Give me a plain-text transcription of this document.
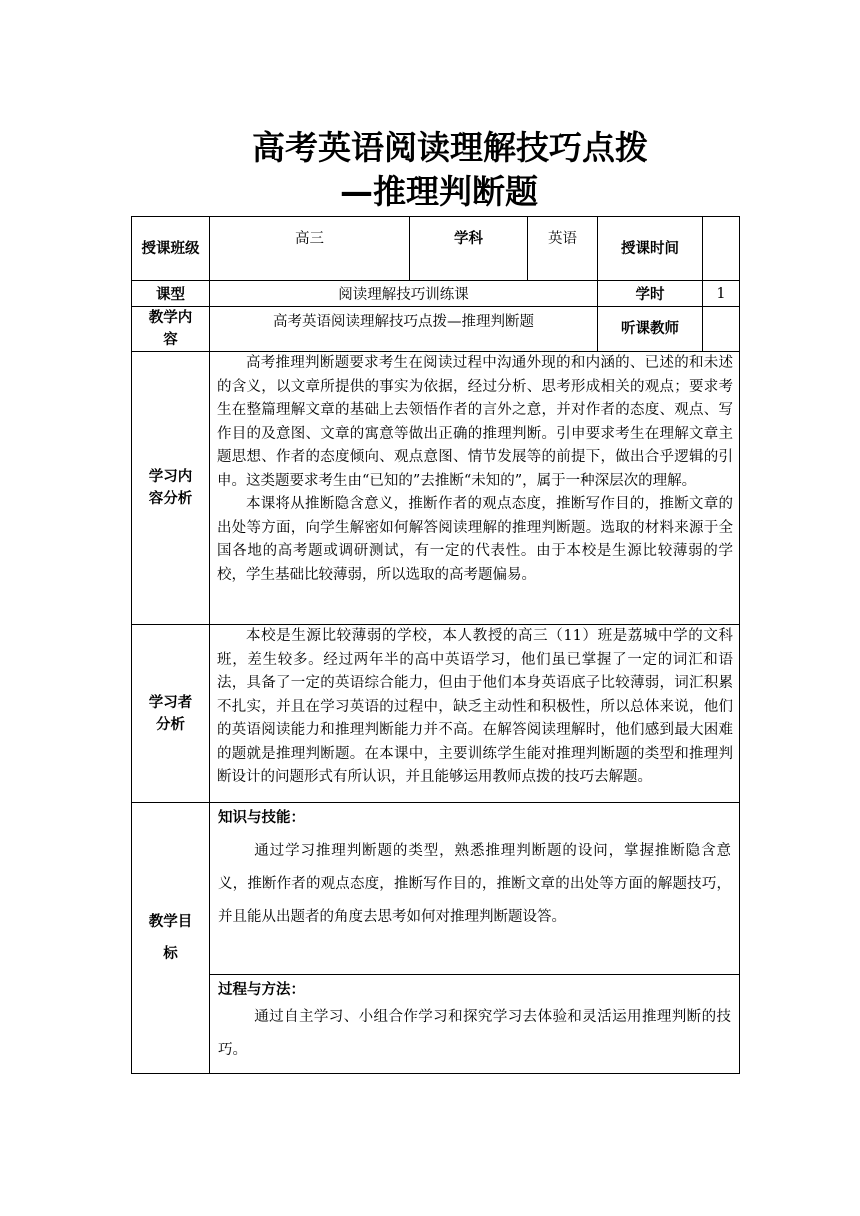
高考英语阅读理解技巧点拨
—推理判断题
授课班级	高三	学科	英语	授课时间	
课型	阅读理解技巧训练课			学时	1
教学内容	高考英语阅读理解技巧点拨—推理判断题			听课教师	
学习内容分析	高考推理判断题要求考生在阅读过程中沟通外现的和内涵的、已述的和未述的含义，以文章所提供的事实为依据，经过分析、思考形成相关的观点；要求考生在整篇理解文章的基础上去领悟作者的言外之意，并对作者的态度、观点、写作目的及意图、文章的寓意等做出正确的推理判断。引申要求考生在理解文章主题思想、作者的态度倾向、观点意图、情节发展等的前提下，做出合乎逻辑的引申。这类题要求考生由“已知的”去推断“未知的”，属于一种深层次的理解。

本课将从推断隐含意义，推断作者的观点态度，推断写作目的，推断文章的出处等方面，向学生解密如何解答阅读理解的推理判断题。选取的材料来源于全国各地的高考题或调研测试，有一定的代表性。由于本校是生源比较薄弱的学校，学生基础比较薄弱，所以选取的高考题偏易。				

学习者分析	本校是生源比较薄弱的学校，本人教授的高三（11）班是荔城中学的文科班，差生较多。经过两年半的高中英语学习，他们虽已掌握了一定的词汇和语法，具备了一定的英语综合能力，但由于他们本身英语底子比较薄弱，词汇积累不扎实，并且在学习英语的过程中，缺乏主动性和积极性，所以总体来说，他们的英语阅读能力和推理判断能力并不高。在解答阅读理解时，他们感到最大困难的题就是推理判断题。在本课中，主要训练学生能对推理判断题的类型和推理判断设计的问题形式有所认识，并且能够运用教师点拨的技巧去解题。				

教学目标	知识与技能：

通过学习推理判断题的类型，熟悉推理判断题的设问，掌握推断隐含意义，推断作者的观点态度，推断写作目的，推断文章的出处等方面的解题技巧，并且能从出题者的角度去思考如何对推理判断题设答。				

	过程与方法：

通过自主学习、小组合作学习和探究学习去体验和灵活运用推理判断的技巧。				
